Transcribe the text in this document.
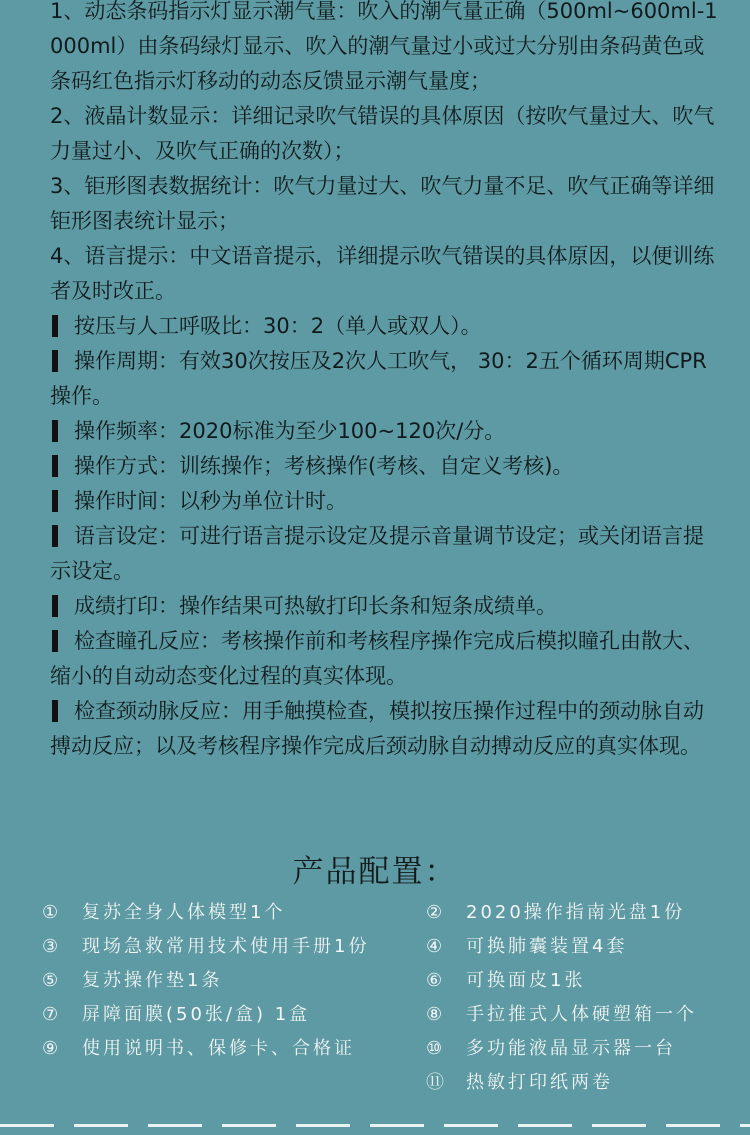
1、动态条码指示灯显示潮气量：吹入的潮气量正确（500ml~600ml-1000ml）由条码绿灯显示、吹入的潮气量过小或过大分别由条码黄色或条码红色指示灯移动的动态反馈显示潮气量度；

2、液晶计数显示：详细记录吹气错误的具体原因（按吹气量过大、吹气力量过小、及吹气正确的次数）；

3、钜形图表数据统计：吹气力量过大、吹气力量不足、吹气正确等详细钜形图表统计显示；

4、语言提示：中文语音提示，详细提示吹气错误的具体原因，以便训练者及时改正。

按压与人工呼吸比：30：2（单人或双人）。

操作周期：有效30次按压及2次人工吹气， 30：2五个循环周期CPR操作。

操作频率：2020标准为至少100~120次/分。

操作方式：训练操作；考核操作(考核、自定义考核)。

操作时间：以秒为单位计时。

语言设定：可进行语言提示设定及提示音量调节设定；或关闭语言提示设定。

成绩打印：操作结果可热敏打印长条和短条成绩单。

检查瞳孔反应：考核操作前和考核程序操作完成后模拟瞳孔由散大、缩小的自动动态变化过程的真实体现。

检查颈动脉反应：用手触摸检查，模拟按压操作过程中的颈动脉自动搏动反应；以及考核程序操作完成后颈动脉自动搏动反应的真实体现。

产品配置：
① 复苏全身人体模型1个	② 2020操作指南光盘1份
③ 现场急救常用技术使用手册1份	④ 可换肺囊装置4套
⑤ 复苏操作垫1条	⑥ 可换面皮1张
⑦ 屏障面膜(50张/盒) 1盒	⑧ 手拉推式人体硬塑箱一个
⑨ 使用说明书、保修卡、合格证	⑩ 多功能液晶显示器一台
⑪ 热敏打印纸两卷
